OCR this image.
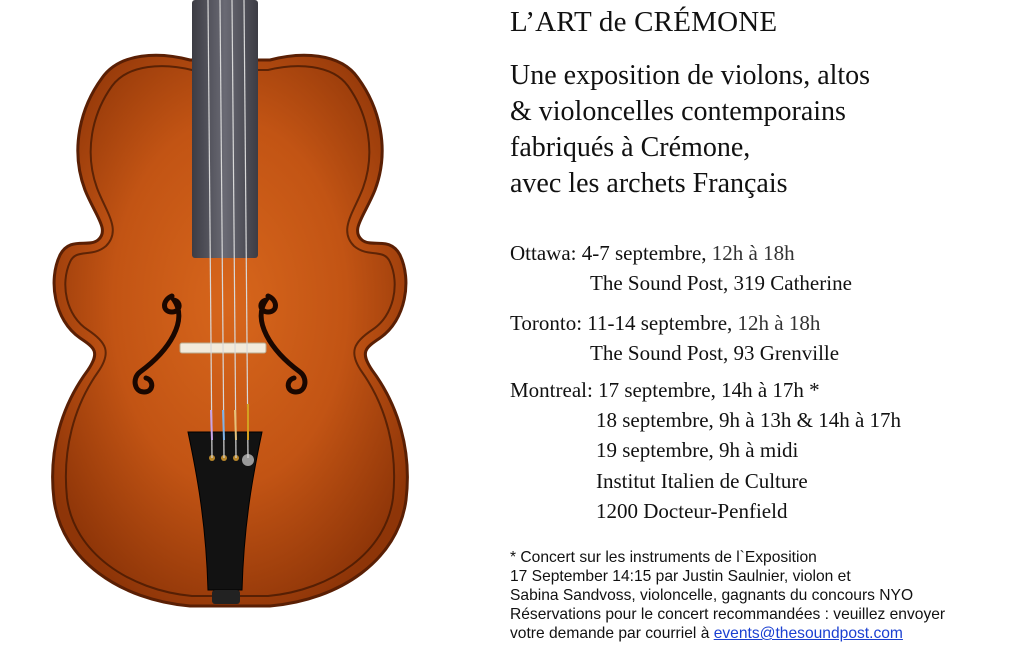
L’ART de CRÉMONE
Une exposition de violons, altos
& violoncelles contemporains
fabriqués à Crémone,
avec les archets Français
Ottawa: 4-7 septembre, 12h à 18h
The Sound Post, 319 Catherine
Toronto: 11-14 septembre, 12h à 18h
The Sound Post, 93 Grenville
Montreal: 17 septembre, 14h à 17h *
18 septembre, 9h à 13h & 14h à 17h
19 septembre, 9h à midi
Institut Italien de Culture
1200 Docteur-Penfield
* Concert sur les instruments de l`Exposition
17 September 14:15 par Justin Saulnier, violon et
Sabina Sandvoss, violoncelle, gagnants du concours NYO
Réservations pour le concert recommandées : veuillez envoyer
votre demande par courriel à events@thesoundpost.com
